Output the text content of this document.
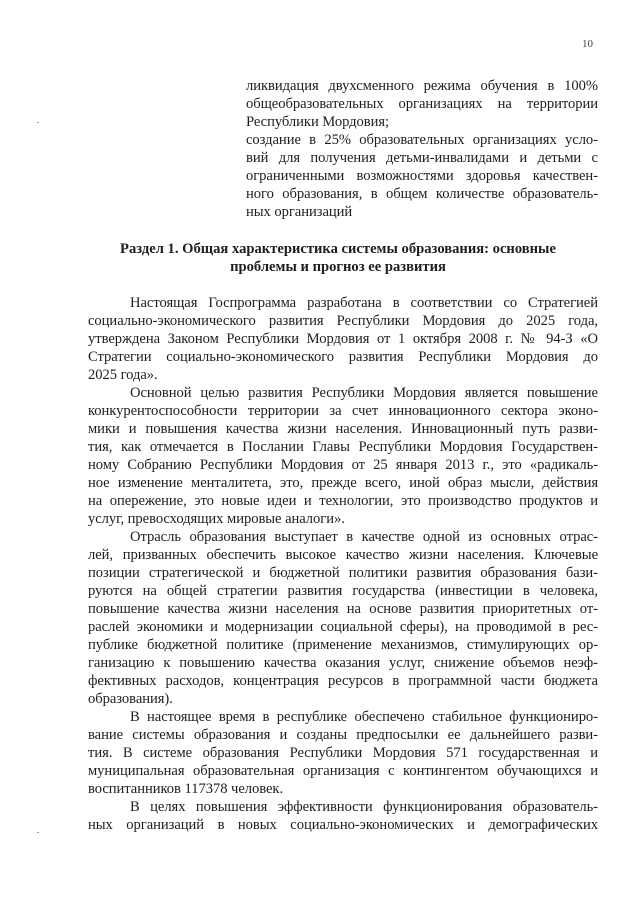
10
ликвидация двухсменного режима обучения в 100%
общеобразовательных организациях на территории
Республики Мордовия;
создание в 25% образовательных организациях усло-
вий для получения детьми-инвалидами и детьми с
ограниченными возможностями здоровья качествен-
ного образования, в общем количестве образователь-
ных организаций
Раздел 1. Общая характеристика системы образования: основные
проблемы и прогноз ее развития
Настоящая Госпрограмма разработана в соответствии со Стратегией
социально-экономического развития Республики Мордовия до 2025 года,
утверждена Законом Республики Мордовия от 1 октября 2008 г. № 94-З «О
Стратегии социально-экономического развития Республики Мордовия до
2025 года».
Основной целью развития Республики Мордовия является повышение
конкурентоспособности территории за счет инновационного сектора эконо-
мики и повышения качества жизни населения. Инновационный путь разви-
тия, как отмечается в Послании Главы Республики Мордовия Государствен-
ному Собранию Республики Мордовия от 25 января 2013 г., это «радикаль-
ное изменение менталитета, это, прежде всего, иной образ мысли, действия
на опережение, это новые идеи и технологии, это производство продуктов и
услуг, превосходящих мировые аналоги».
Отрасль образования выступает в качестве одной из основных отрас-
лей, призванных обеспечить высокое качество жизни населения. Ключевые
позиции стратегической и бюджетной политики развития образования бази-
руются на общей стратегии развития государства (инвестиции в человека,
повышение качества жизни населения на основе развития приоритетных от-
раслей экономики и модернизации социальной сферы), на проводимой в рес-
публике бюджетной политике (применение механизмов, стимулирующих ор-
ганизацию к повышению качества оказания услуг, снижение объемов неэф-
фективных расходов, концентрация ресурсов в программной части бюджета
образования).
В настоящее время в республике обеспечено стабильное функциониро-
вание системы образования и созданы предпосылки ее дальнейшего разви-
тия. В системе образования Республики Мордовия 571 государственная и
муниципальная образовательная организация с контингентом обучающихся и
воспитанников 117378 человек.
В целях повышения эффективности функционирования образователь-
ных организаций в новых социально-экономических и демографических
